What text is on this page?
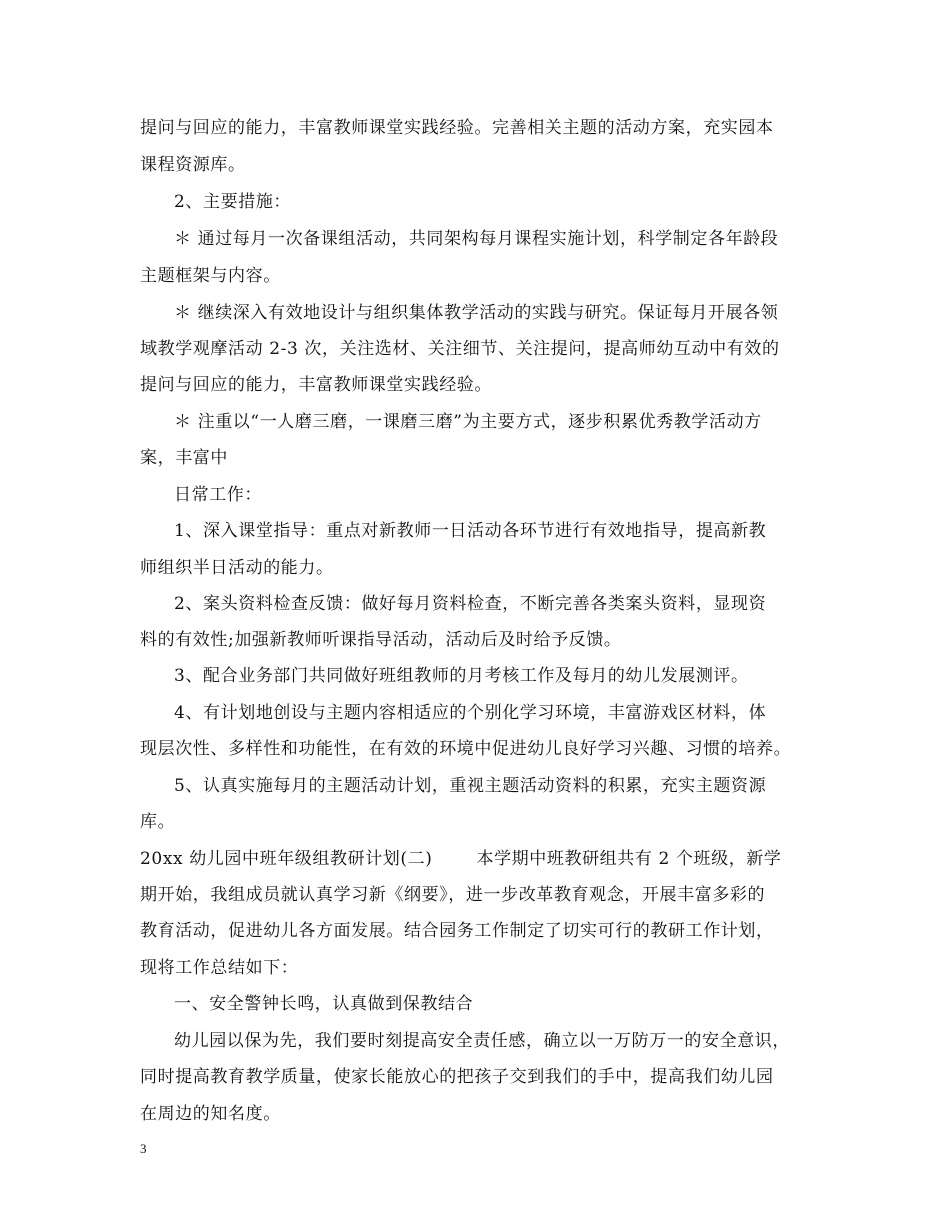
提问与回应的能力，丰富教师课堂实践经验。完善相关主题的活动方案，充实园本
课程资源库。
2、主要措施：
＊ 通过每月一次备课组活动，共同架构每月课程实施计划，科学制定各年龄段
主题框架与内容。
＊ 继续深入有效地设计与组织集体教学活动的实践与研究。保证每月开展各领
域教学观摩活动 2-3 次，关注选材、关注细节、关注提问，提高师幼互动中有效的
提问与回应的能力，丰富教师课堂实践经验。
＊ 注重以“一人磨三磨，一课磨三磨”为主要方式，逐步积累优秀教学活动方
案，丰富中
日常工作：
1、深入课堂指导：重点对新教师一日活动各环节进行有效地指导，提高新教
师组织半日活动的能力。
2、案头资料检查反馈：做好每月资料检查，不断完善各类案头资料，显现资
料的有效性;加强新教师听课指导活动，活动后及时给予反馈。
3、配合业务部门共同做好班组教师的月考核工作及每月的幼儿发展测评。
4、有计划地创设与主题内容相适应的个别化学习环境，丰富游戏区材料，体
现层次性、多样性和功能性，在有效的环境中促进幼儿良好学习兴趣、习惯的培养。
5、认真实施每月的主题活动计划，重视主题活动资料的积累，充实主题资源
库。
20xx 幼儿园中班年级组教研计划(二)	本学期中班教研组共有 2 个班级，新学
期开始，我组成员就认真学习新《纲要》，进一步改革教育观念，开展丰富多彩的
教育活动，促进幼儿各方面发展。结合园务工作制定了切实可行的教研工作计划，
现将工作总结如下：
一、安全警钟长鸣，认真做到保教结合
幼儿园以保为先，我们要时刻提高安全责任感，确立以一万防万一的安全意识，
同时提高教育教学质量，使家长能放心的把孩子交到我们的手中，提高我们幼儿园
在周边的知名度。
3
